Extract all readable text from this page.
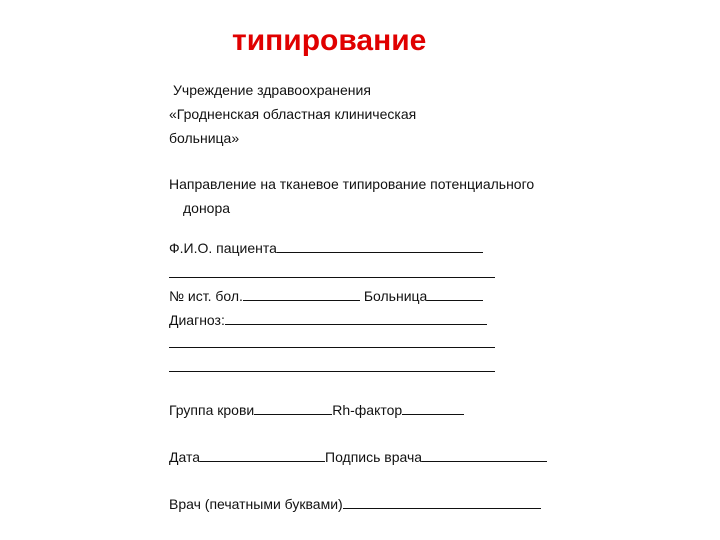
типирование
Учреждение здравоохранения
«Гродненская областная клиническая
больница»
Направление на тканевое типирование потенциального
донора
Ф.И.О. пациента
№ ист. бол.	Больница
Диагноз:
Группа крови	Rh-фактор
Дата	Подпись врача
Врач (печатными буквами)
